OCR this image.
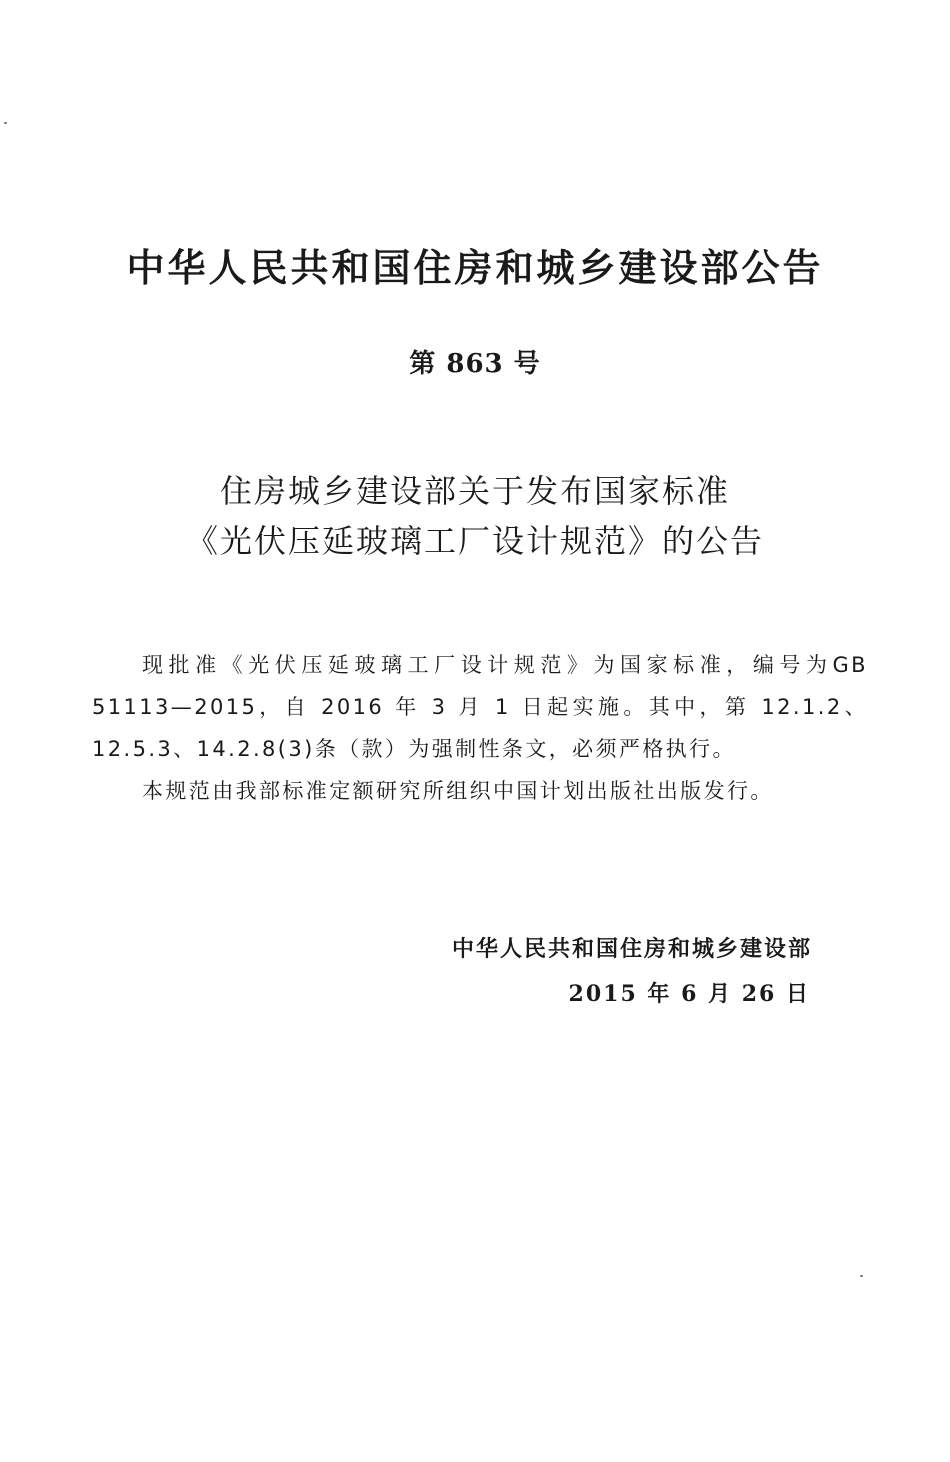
中华人民共和国住房和城乡建设部公告
第 863 号
住房城乡建设部关于发布国家标准
《光伏压延玻璃工厂设计规范》的公告

现批准《光伏压延玻璃工厂设计规范》为国家标准，编号为GB 51113—2015，自 2016 年 3 月 1 日起实施。其中，第 12.1.2、12.5.3、14.2.8(3)条（款）为强制性条文，必须严格执行。

本规范由我部标准定额研究所组织中国计划出版社出版发行。

中华人民共和国住房和城乡建设部
2015 年 6 月 26 日
